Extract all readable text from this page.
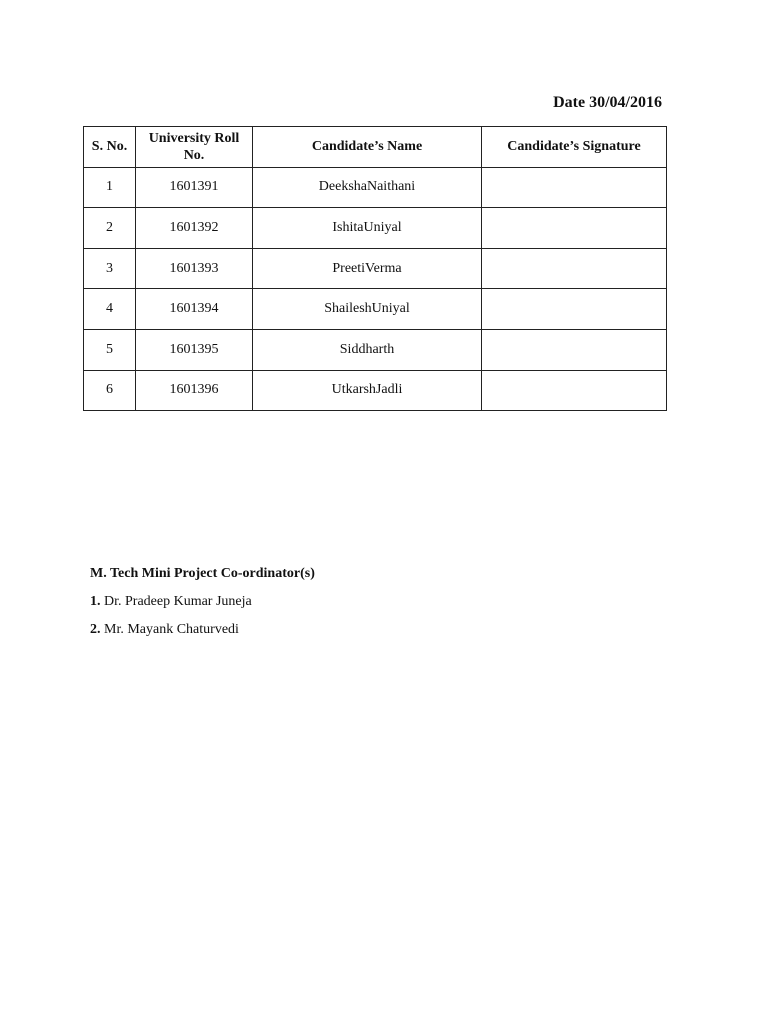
Date 30/04/2016
S. No.	University Roll No.	Candidate’s Name	Candidate’s Signature
1	1601391	DeekshaNaithani	
2	1601392	IshitaUniyal	
3	1601393	PreetiVerma	
4	1601394	ShaileshUniyal	
5	1601395	Siddharth	
6	1601396	UtkarshJadli	
M. Tech Mini Project Co-ordinator(s)
1. Dr. Pradeep Kumar Juneja
2. Mr. Mayank Chaturvedi
